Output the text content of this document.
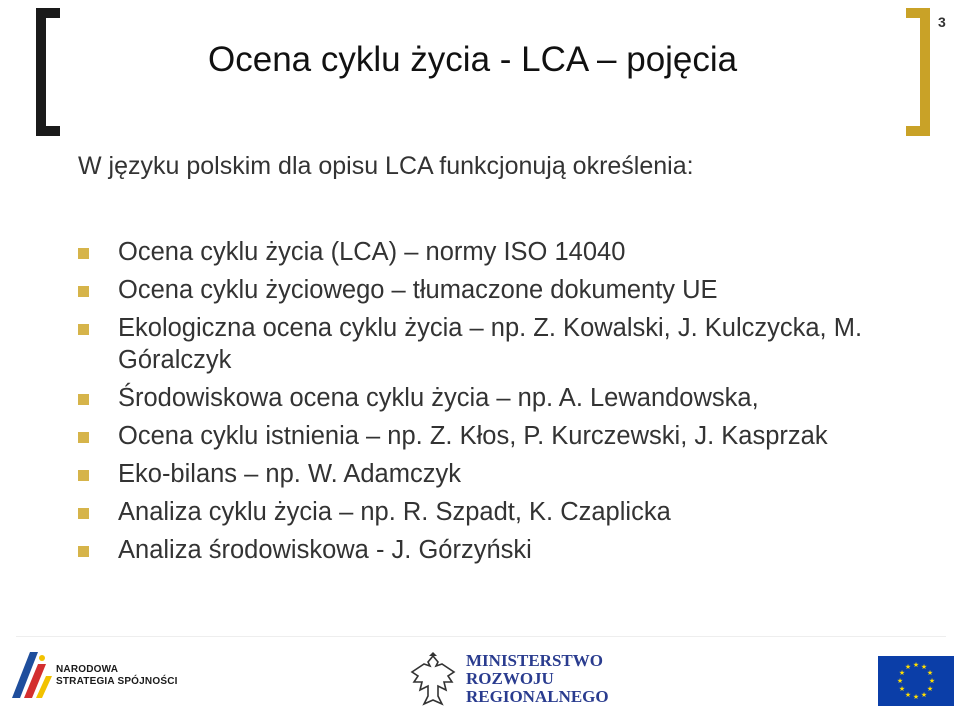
3
Ocena cyklu życia - LCA – pojęcia
W języku polskim dla opisu LCA funkcjonują określenia:
Ocena cyklu życia (LCA) – normy ISO 14040
Ocena cyklu życiowego – tłumaczone dokumenty UE
Ekologiczna ocena cyklu życia – np. Z. Kowalski, J. Kulczycka, M. Góralczyk
Środowiskowa ocena cyklu życia – np. A. Lewandowska,
Ocena cyklu istnienia – np. Z. Kłos, P. Kurczewski, J. Kasprzak
Eko-bilans – np. W. Adamczyk
Analiza cyklu życia – np. R. Szpadt, K. Czaplicka
Analiza środowiskowa - J. Górzyński
NARODOWA
STRATEGIA SPÓJNOŚCI
MINISTERSTWO
ROZWOJU
REGIONALNEGO
★ ★
★
★
★
★
★
★
★
★
★
★
